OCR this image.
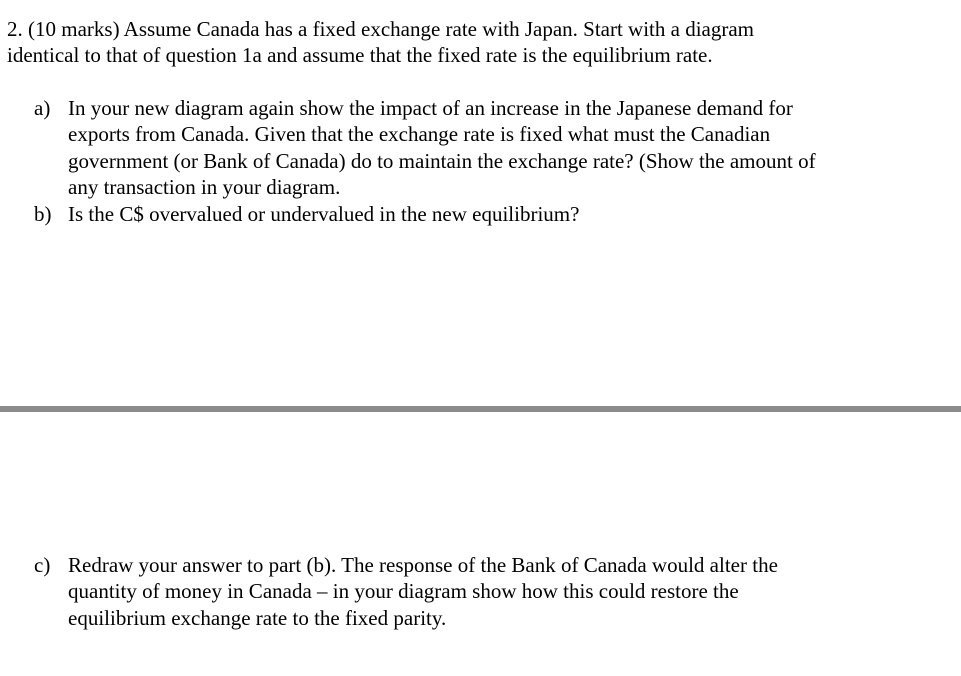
2. (10 marks) Assume Canada has a fixed exchange rate with Japan. Start with a diagram
identical to that of question 1a and assume that the fixed rate is the equilibrium rate.
a) In your new diagram again show the impact of an increase in the Japanese demand for
exports from Canada. Given that the exchange rate is fixed what must the Canadian
government (or Bank of Canada) do to maintain the exchange rate? (Show the amount of
any transaction in your diagram.
b) Is the C$ overvalued or undervalued in the new equilibrium?
c) Redraw your answer to part (b). The response of the Bank of Canada would alter the
quantity of money in Canada – in your diagram show how this could restore the
equilibrium exchange rate to the fixed parity.
